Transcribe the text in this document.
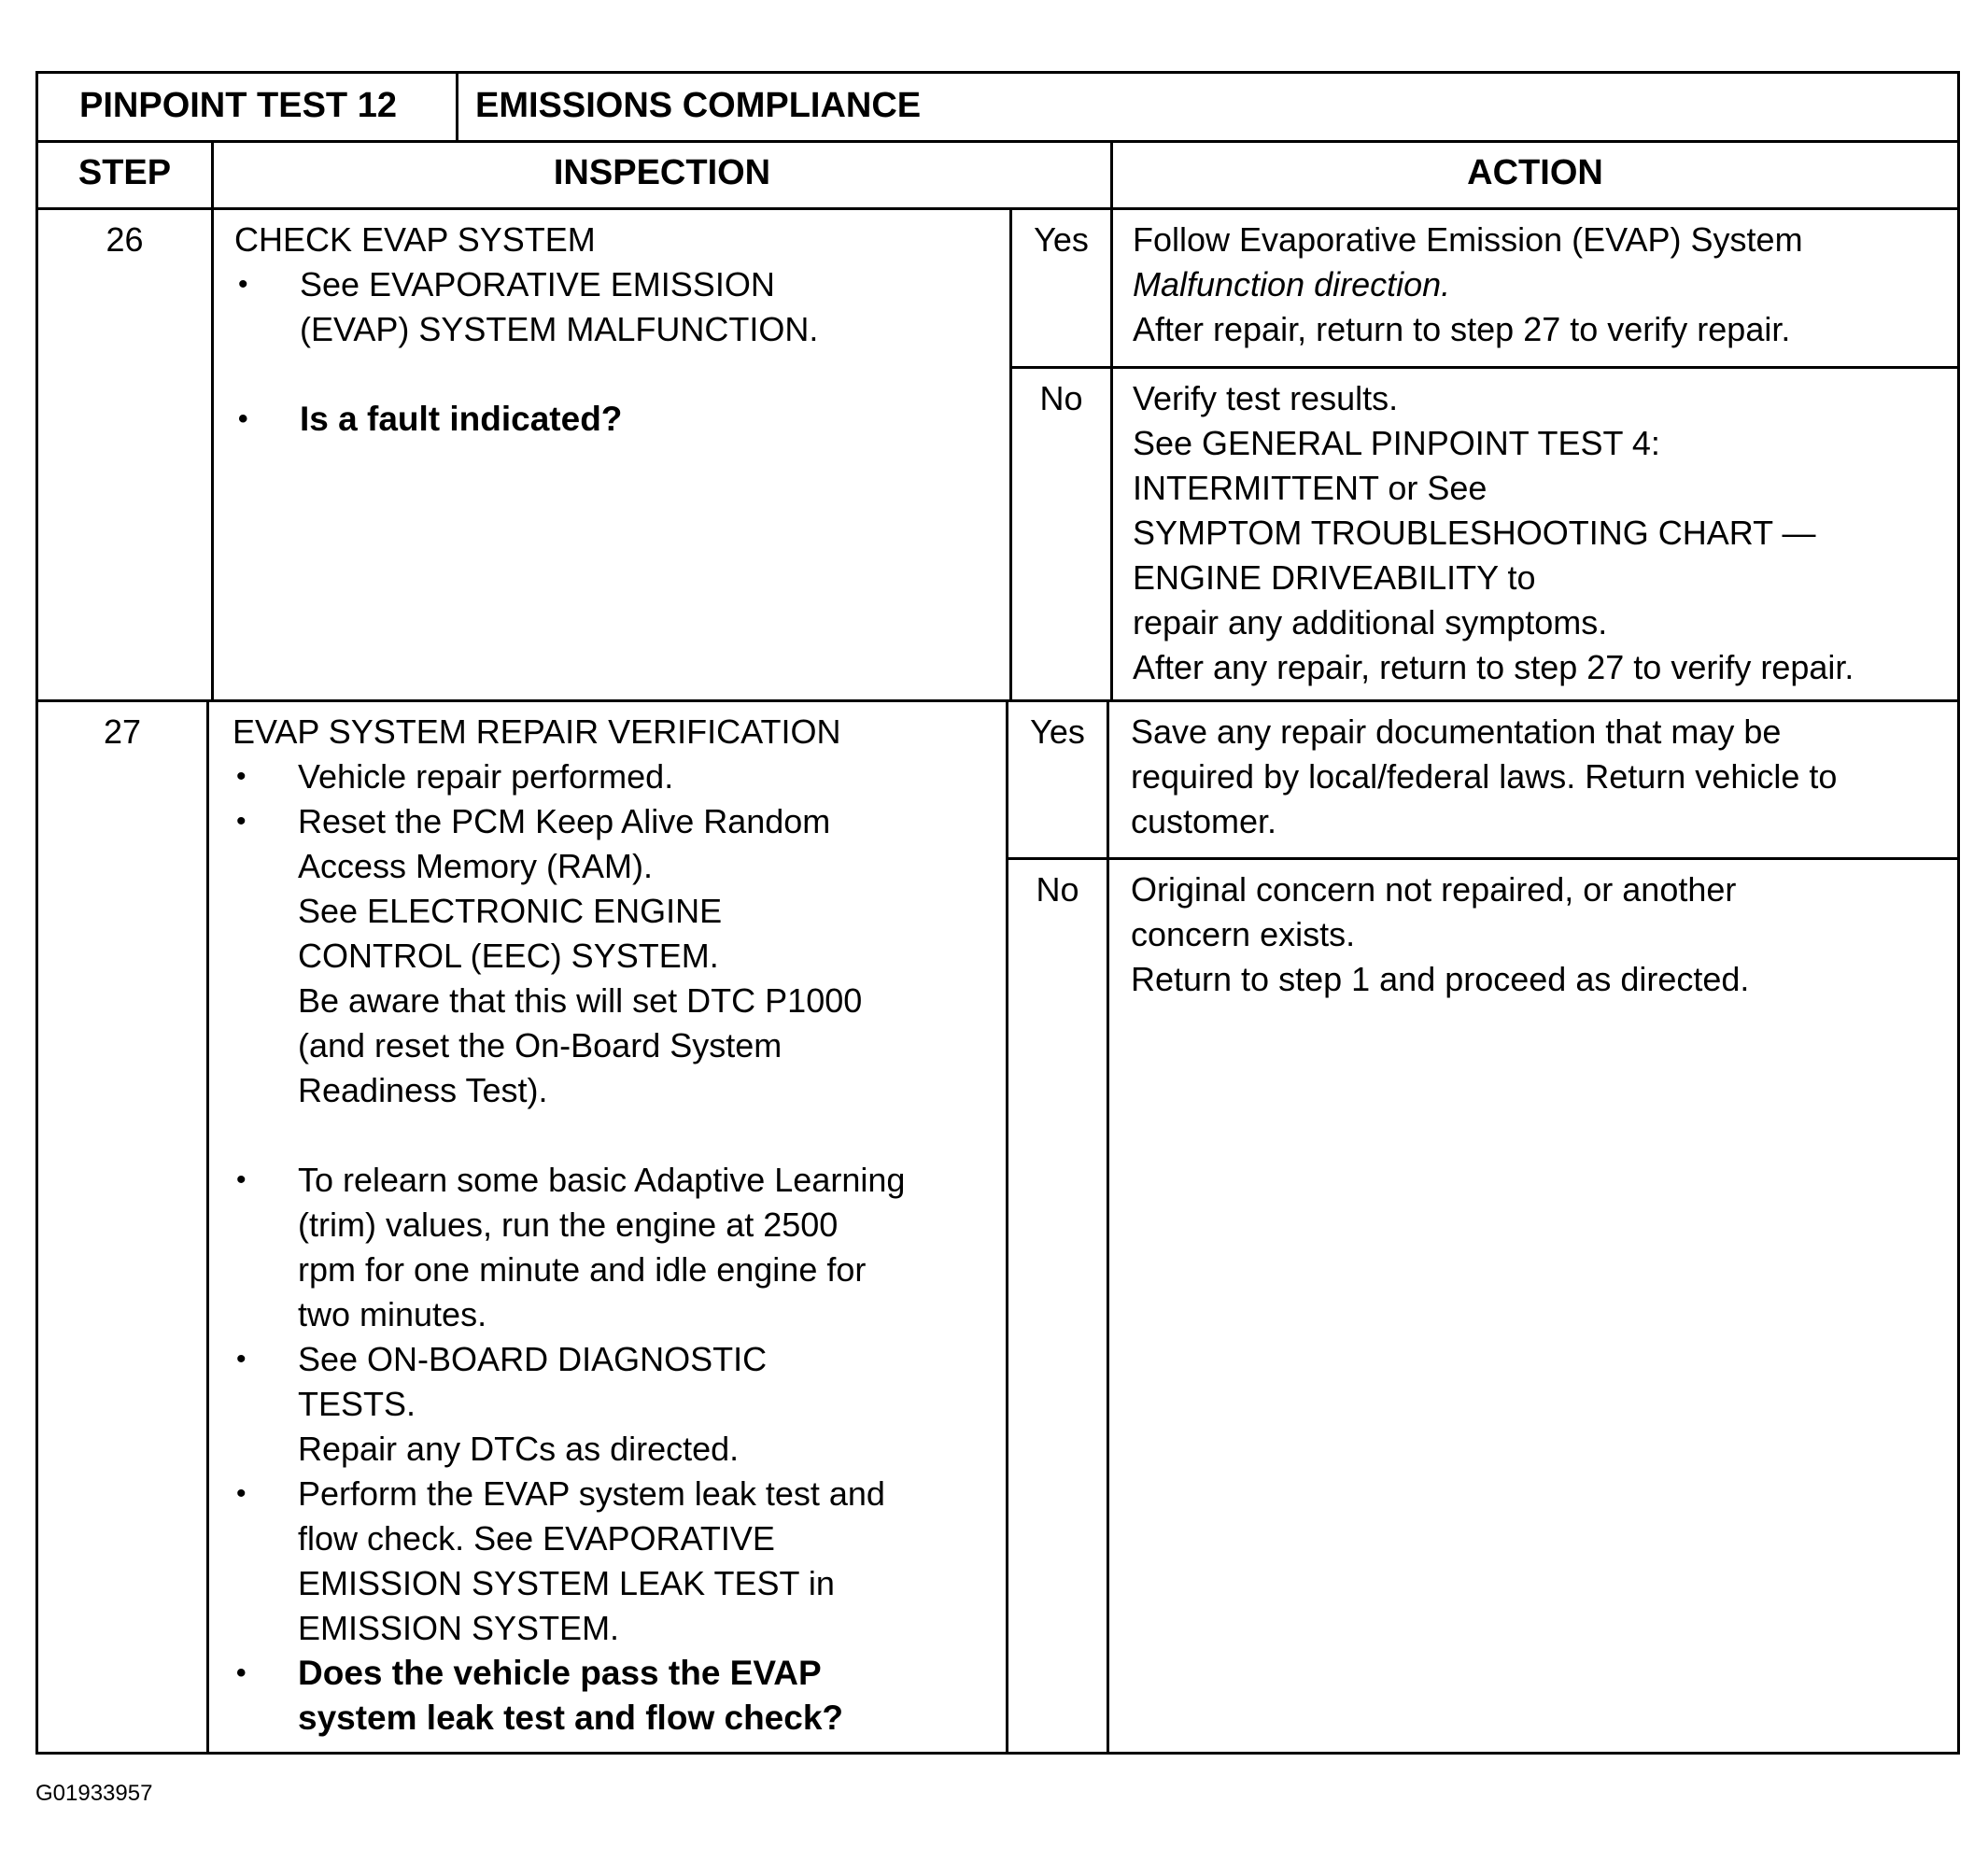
PINPOINT TEST 12 EMISSIONS COMPLIANCE
STEP	INSPECTION	ACTION
26	CHECK EVAP SYSTEM
• See EVAPORATIVE EMISSION
(EVAP) SYSTEM MALFUNCTION.
• Is a fault indicated?
Yes	Follow Evaporative Emission (EVAP) System
Malfunction direction.
After repair, return to step 27 to verify repair.
No	Verify test results.
See GENERAL PINPOINT TEST 4:
INTERMITTENT or See
SYMPTOM TROUBLESHOOTING CHART —
ENGINE DRIVEABILITY to
repair any additional symptoms.
After any repair, return to step 27 to verify repair.
27	EVAP SYSTEM REPAIR VERIFICATION
• Vehicle repair performed.
• Reset the PCM Keep Alive Random
Access Memory (RAM).
See ELECTRONIC ENGINE
CONTROL (EEC) SYSTEM.
Be aware that this will set DTC P1000
(and reset the On-Board System
Readiness Test).
• To relearn some basic Adaptive Learning
(trim) values, run the engine at 2500
rpm for one minute and idle engine for
two minutes.
• See ON-BOARD DIAGNOSTIC
TESTS.
Repair any DTCs as directed.
• Perform the EVAP system leak test and
flow check. See EVAPORATIVE
EMISSION SYSTEM LEAK TEST in
EMISSION SYSTEM.
• Does the vehicle pass the EVAP
system leak test and flow check?
Yes	Save any repair documentation that may be
required by local/federal laws. Return vehicle to
customer.
No	Original concern not repaired, or another
concern exists.
Return to step 1 and proceed as directed.
G01933957
